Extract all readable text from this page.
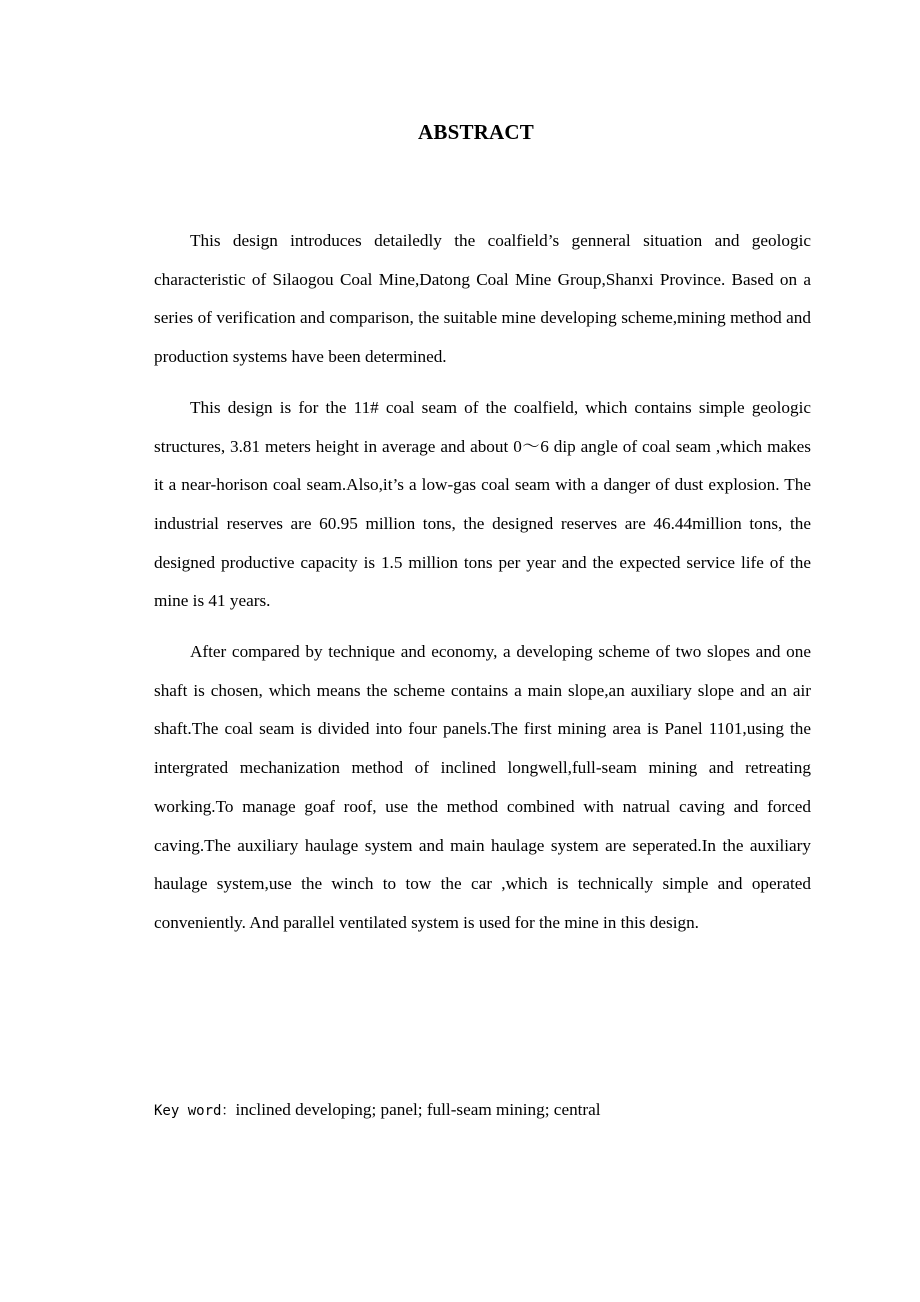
ABSTRACT

This design introduces detailedly the coalfield’s genneral situation and geologic characteristic of Silaogou Coal Mine,Datong Coal Mine Group,Shanxi Province. Based on a series of verification and comparison, the suitable mine developing scheme,mining method and production systems have been determined.

This design is for the 11# coal seam of the coalfield, which contains simple geologic structures, 3.81 meters height in average and about 0～6 dip angle of coal seam ,which makes it a near-horison coal seam.Also,it’s a low-gas coal seam with a danger of dust explosion. The industrial reserves are 60.95 million tons, the designed reserves are 46.44million tons, the designed productive capacity is 1.5 million tons per year and the expected service life of the mine is 41 years.

After compared by technique and economy, a developing scheme of two slopes and one shaft is chosen, which means the scheme contains a main slope,an auxiliary slope and an air shaft.The coal seam is divided into four panels.The first mining area is Panel 1101,using the intergrated mechanization method of inclined longwell,full-seam mining and retreating working.To manage goaf roof, use the method combined with natrual caving and forced caving.The auxiliary haulage system and main haulage system are seperated.In the auxiliary haulage system,use the winch to tow the car ,which is technically simple and operated conveniently. And parallel ventilated system is used for the mine in this design.

Key word：inclined developing; panel; full-seam mining; central
